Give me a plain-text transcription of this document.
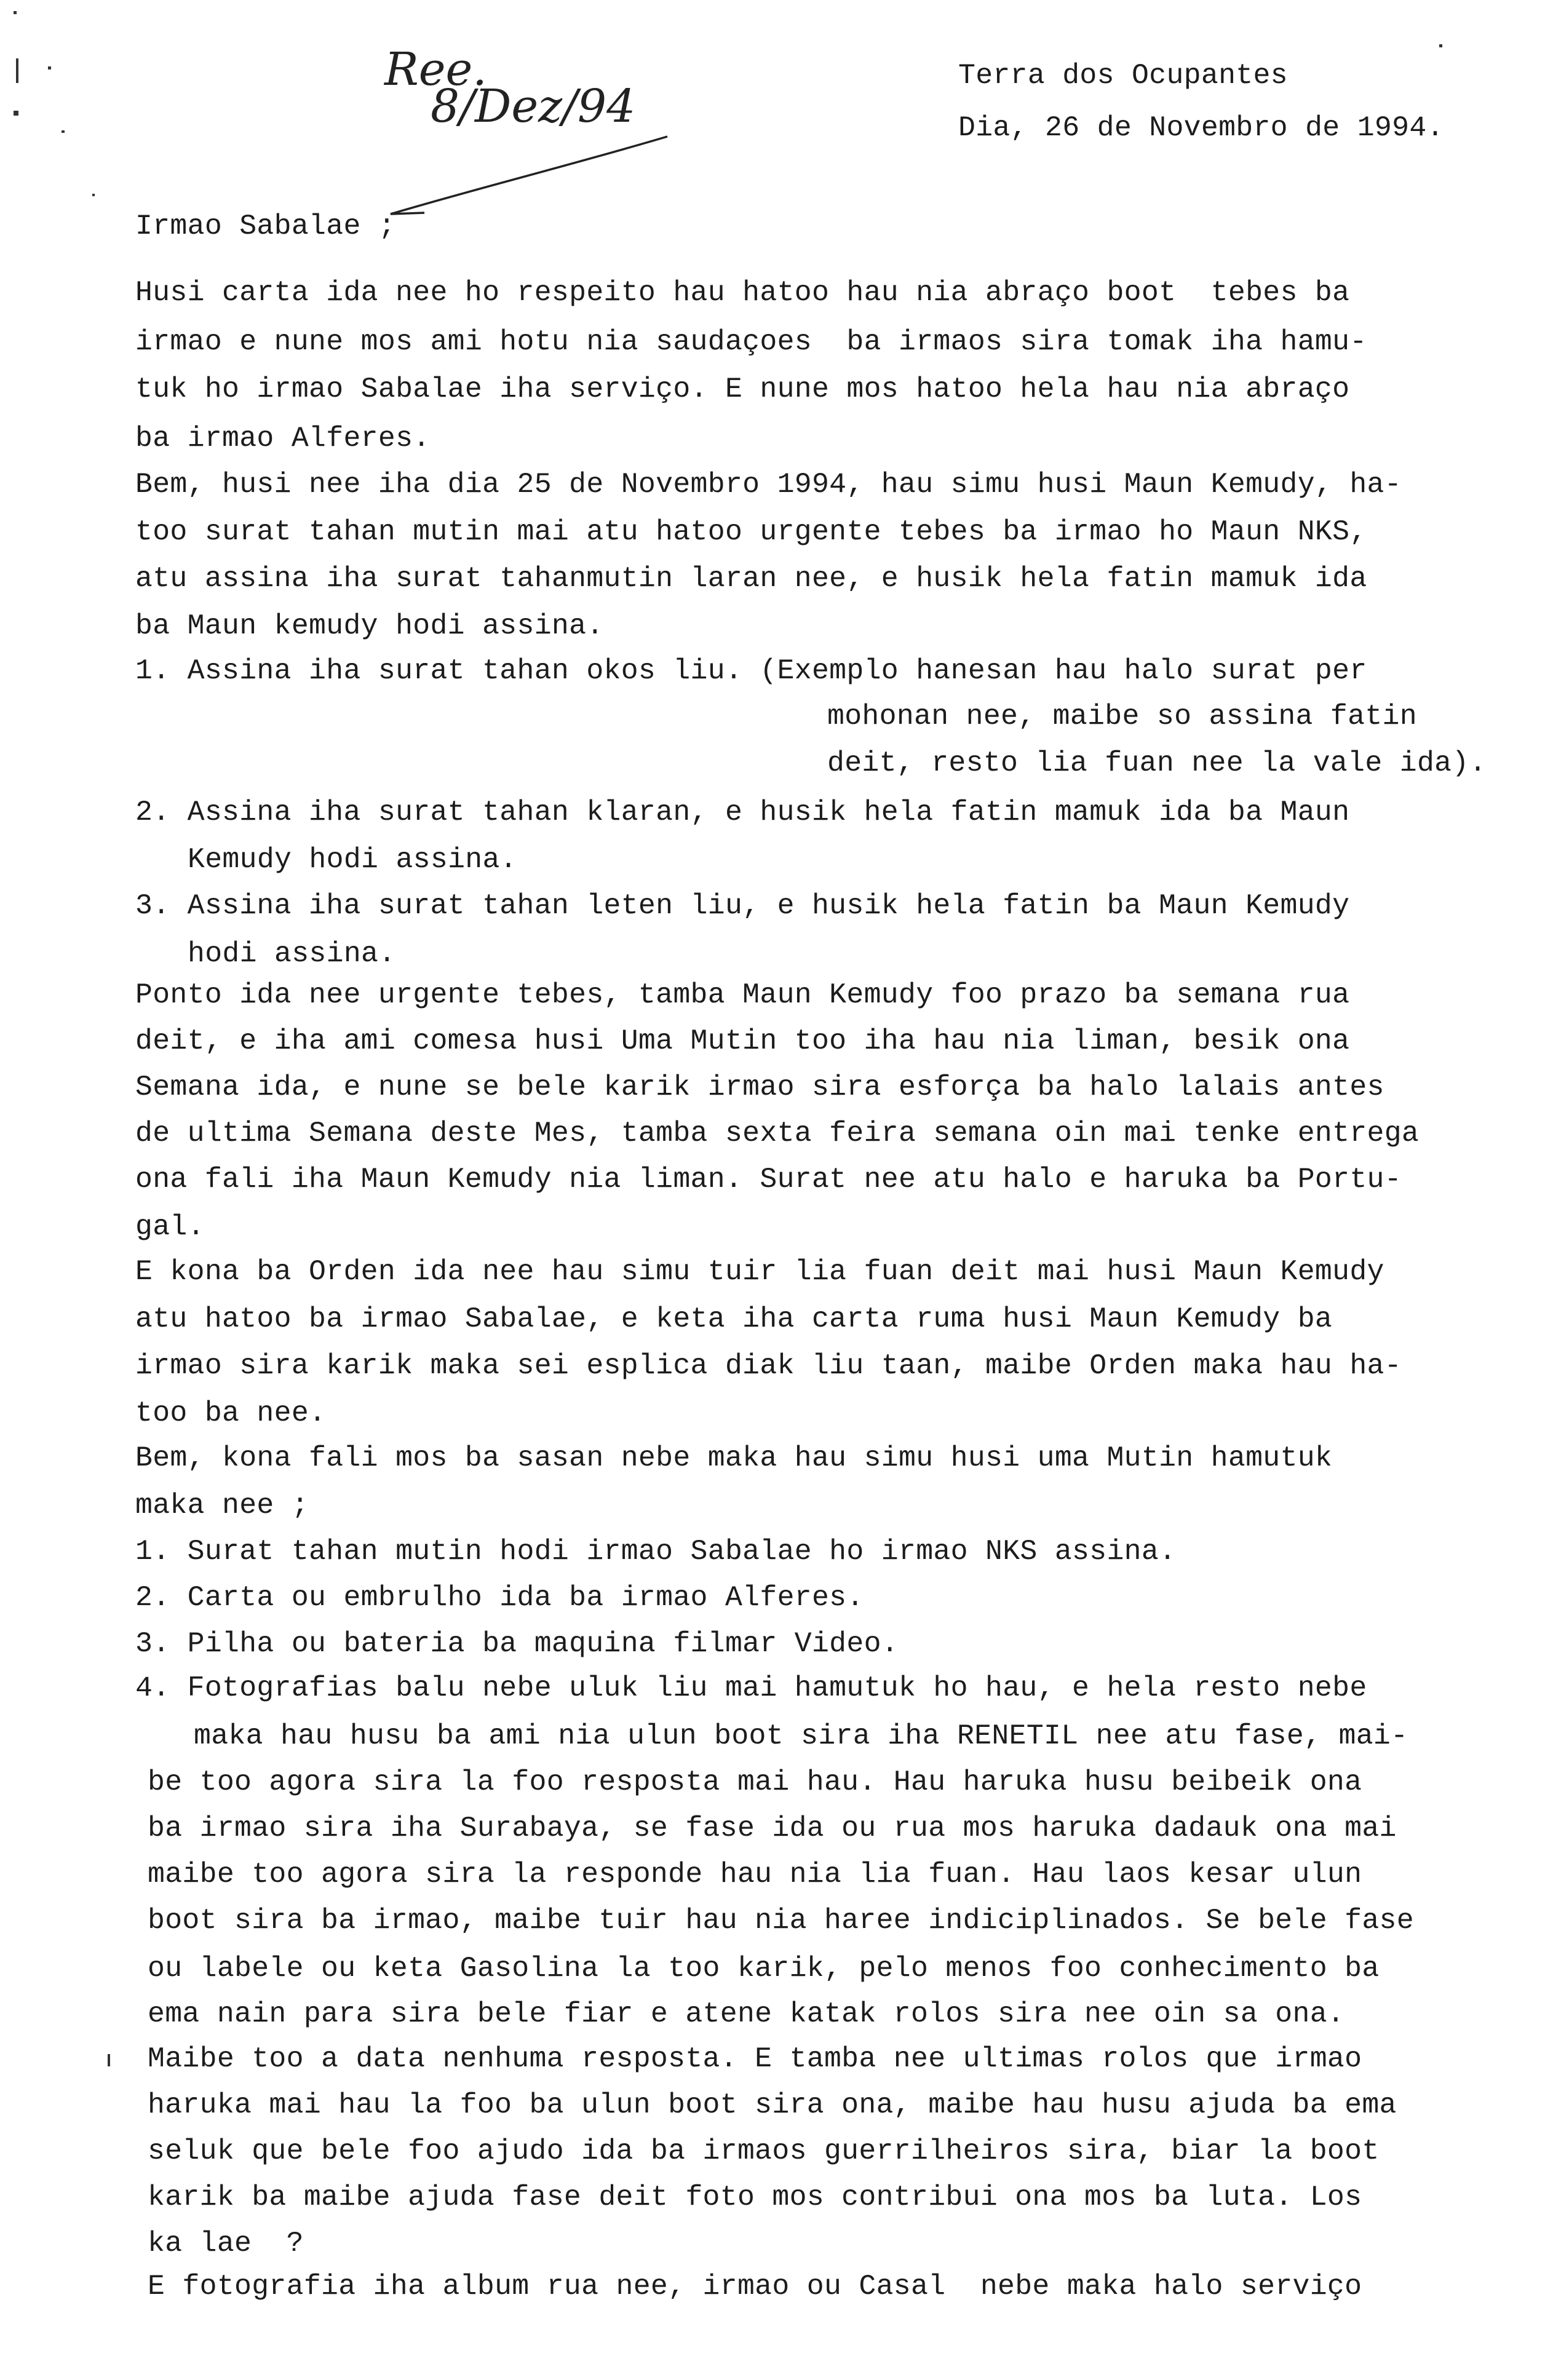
Ree.
8/Dez/94
Terra dos Ocupantes
Dia, 26 de Novembro de 1994.
Irmao Sabalae ;
Husi carta ida nee ho respeito hau hatoo hau nia abraço boot  tebes ba
irmao e nune mos ami hotu nia saudaçoes  ba irmaos sira tomak iha hamu-
tuk ho irmao Sabalae iha serviço. E nune mos hatoo hela hau nia abraço
ba irmao Alferes.
Bem, husi nee iha dia 25 de Novembro 1994, hau simu husi Maun Kemudy, ha-
too surat tahan mutin mai atu hatoo urgente tebes ba irmao ho Maun NKS,
atu assina iha surat tahanmutin laran nee, e husik hela fatin mamuk ida
ba Maun kemudy hodi assina.
1. Assina iha surat tahan okos liu. (Exemplo hanesan hau halo surat per
mohonan nee, maibe so assina fatin
deit, resto lia fuan nee la vale ida).
2. Assina iha surat tahan klaran, e husik hela fatin mamuk ida ba Maun
Kemudy hodi assina.
3. Assina iha surat tahan leten liu, e husik hela fatin ba Maun Kemudy
hodi assina.
Ponto ida nee urgente tebes, tamba Maun Kemudy foo prazo ba semana rua
deit, e iha ami comesa husi Uma Mutin too iha hau nia liman, besik ona
Semana ida, e nune se bele karik irmao sira esforça ba halo lalais antes
de ultima Semana deste Mes, tamba sexta feira semana oin mai tenke entrega
ona fali iha Maun Kemudy nia liman. Surat nee atu halo e haruka ba Portu-
gal.
E kona ba Orden ida nee hau simu tuir lia fuan deit mai husi Maun Kemudy
atu hatoo ba irmao Sabalae, e keta iha carta ruma husi Maun Kemudy ba
irmao sira karik maka sei esplica diak liu taan, maibe Orden maka hau ha-
too ba nee.
Bem, kona fali mos ba sasan nebe maka hau simu husi uma Mutin hamutuk
maka nee ;
1. Surat tahan mutin hodi irmao Sabalae ho irmao NKS assina.
2. Carta ou embrulho ida ba irmao Alferes.
3. Pilha ou bateria ba maquina filmar Video.
4. Fotografias balu nebe uluk liu mai hamutuk ho hau, e hela resto nebe
maka hau husu ba ami nia ulun boot sira iha RENETIL nee atu fase, mai-
be too agora sira la foo resposta mai hau. Hau haruka husu beibeik ona
ba irmao sira iha Surabaya, se fase ida ou rua mos haruka dadauk ona mai
maibe too agora sira la responde hau nia lia fuan. Hau laos kesar ulun
boot sira ba irmao, maibe tuir hau nia haree indiciplinados. Se bele fase
ou labele ou keta Gasolina la too karik, pelo menos foo conhecimento ba
ema nain para sira bele fiar e atene katak rolos sira nee oin sa ona.
Maibe too a data nenhuma resposta. E tamba nee ultimas rolos que irmao
haruka mai hau la foo ba ulun boot sira ona, maibe hau husu ajuda ba ema
seluk que bele foo ajudo ida ba irmaos guerrilheiros sira, biar la boot
karik ba maibe ajuda fase deit foto mos contribui ona mos ba luta. Los
ka lae  ?
E fotografia iha album rua nee, irmao ou Casal  nebe maka halo serviço
